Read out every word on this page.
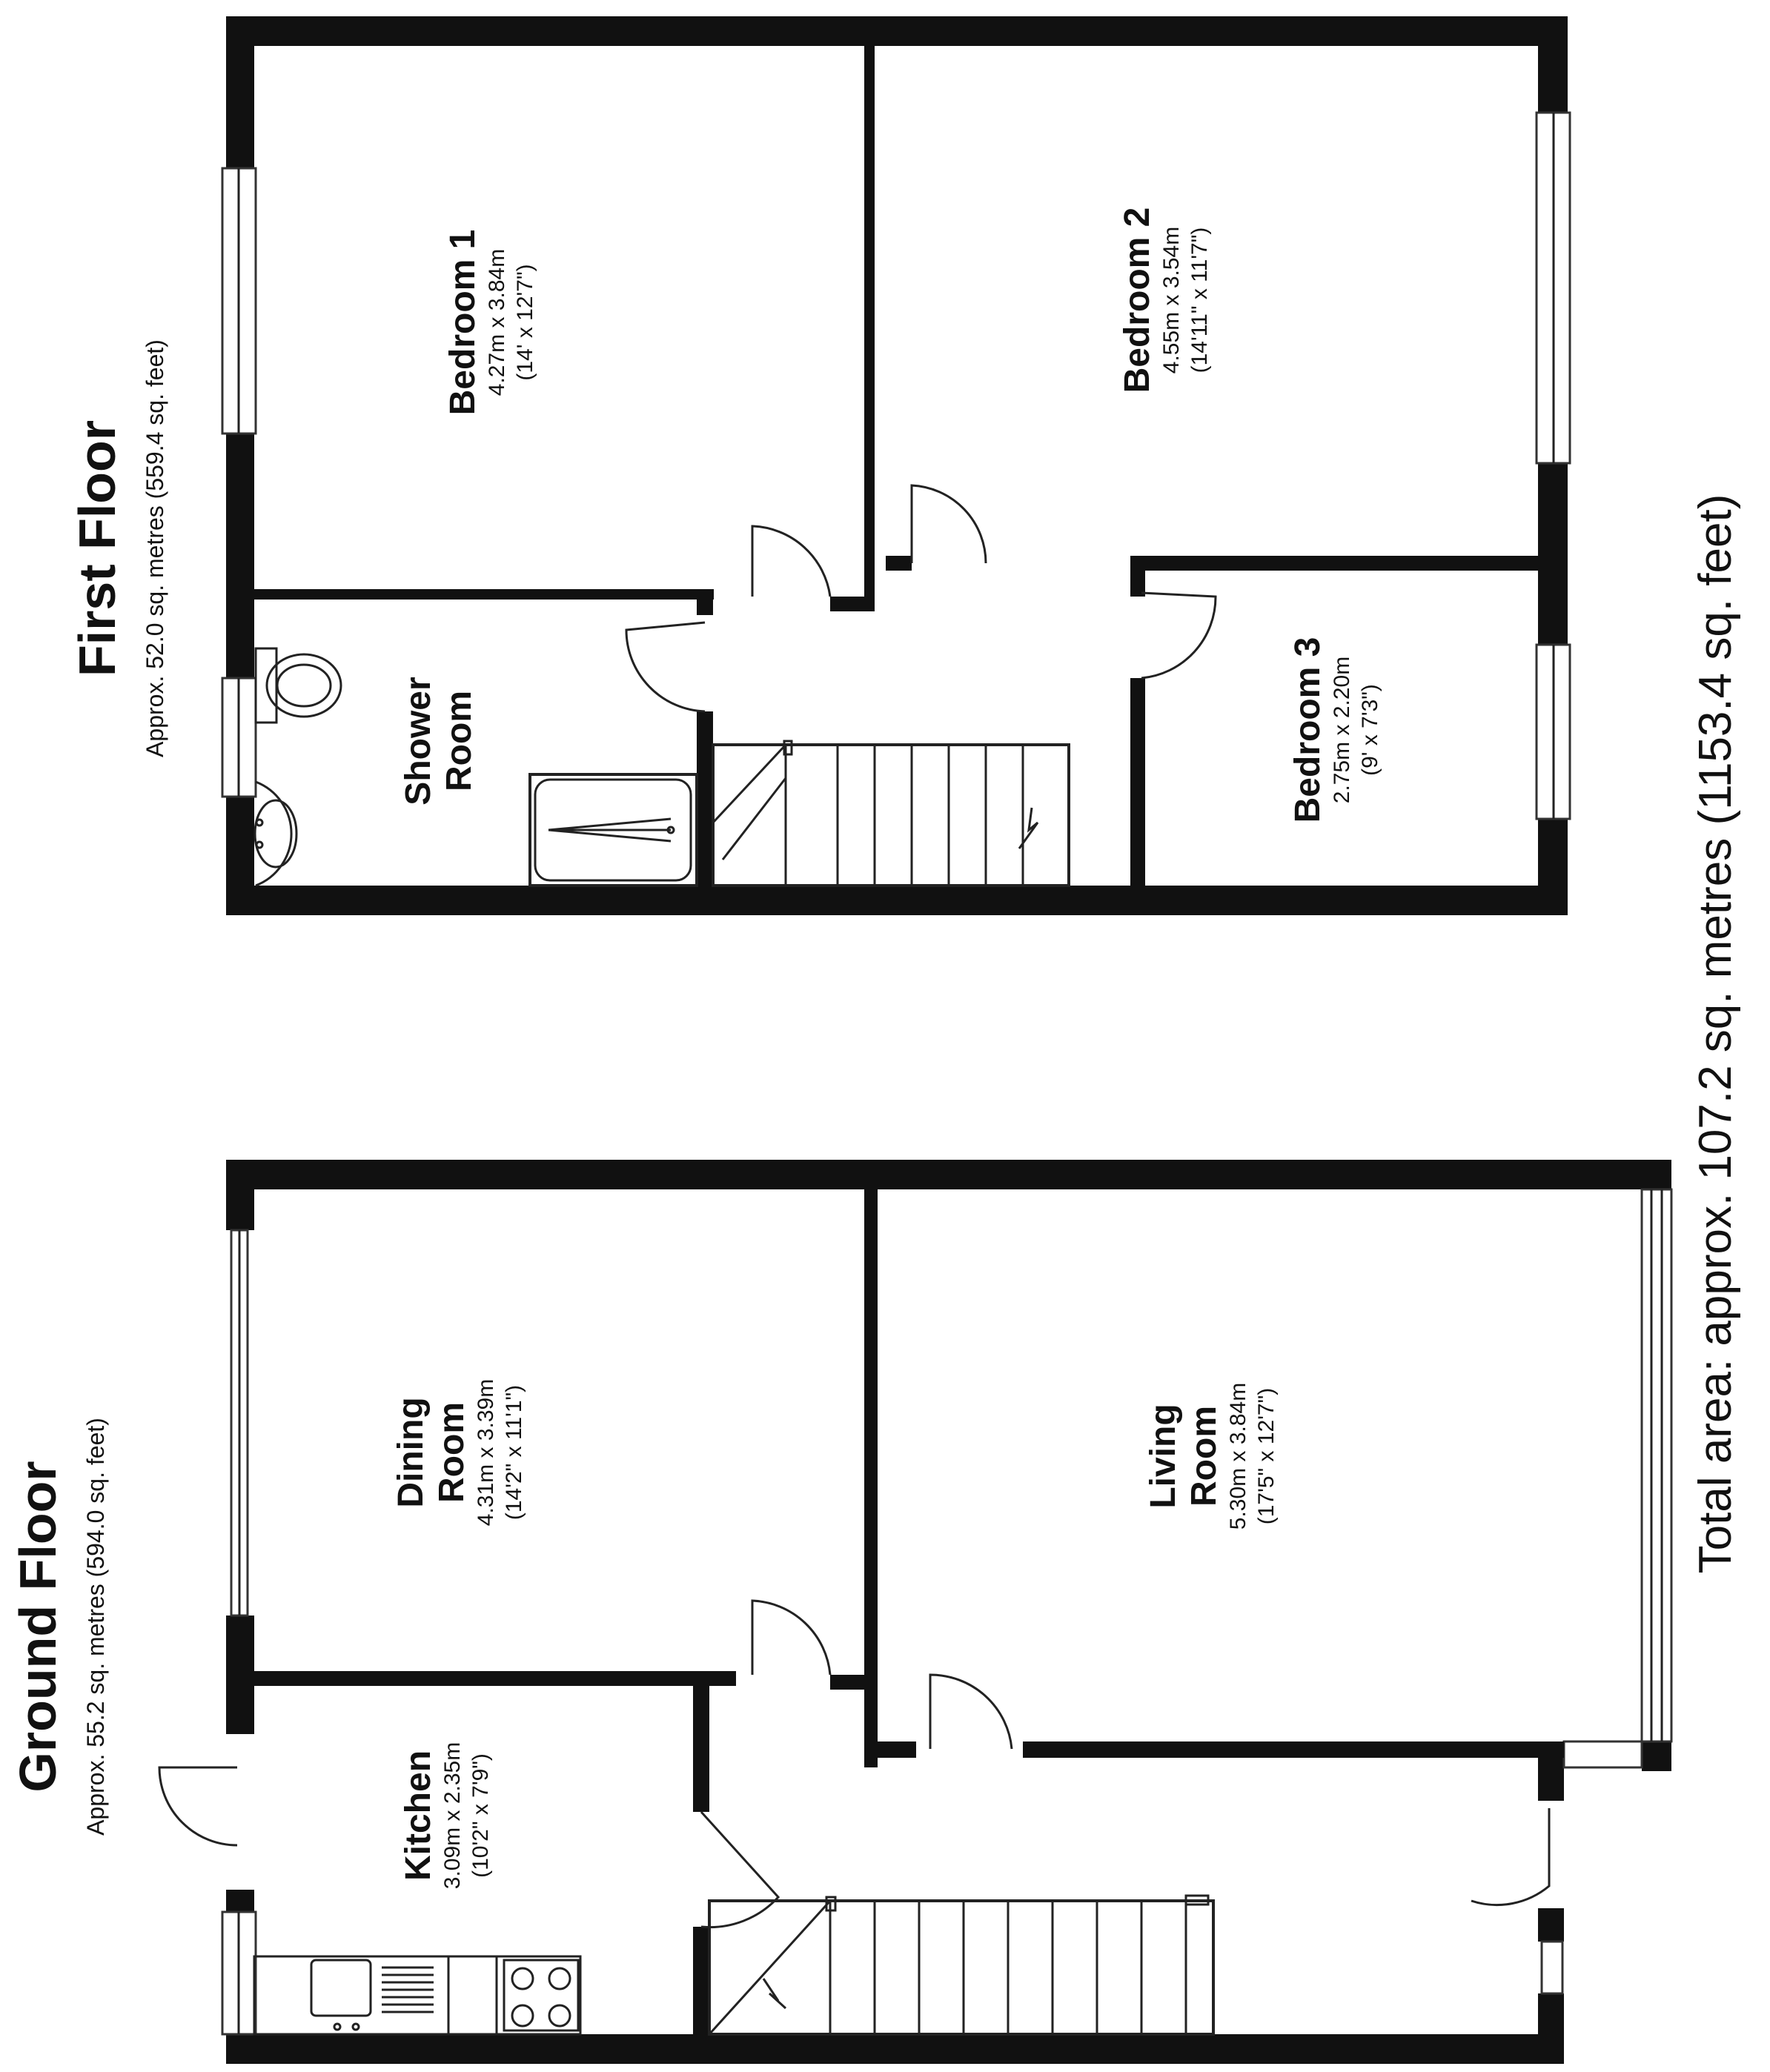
Bedroom 1 4.27m x 3.84m (14' x 12'7")	Bedroom 2 4.55m x 3.54m (14'11" x 11'7")
Bedroom 3 2.75m x 2.20m (9' x 7'3")
Shower Room
First Floor Approx. 52.0 sq. metres (559.4 sq. feet)
Dining Room 4.31m x 3.39m (14'2" x 11'1")	Living Room 5.30m x 3.84m (17'5" x 12'7")
Kitchen 3.09m x 2.35m (10'2" x 7'9")
Ground Floor Approx. 55.2 sq. metres (594.0 sq. feet)
Total area: approx. 107.2 sq. metres (1153.4 sq. feet)
